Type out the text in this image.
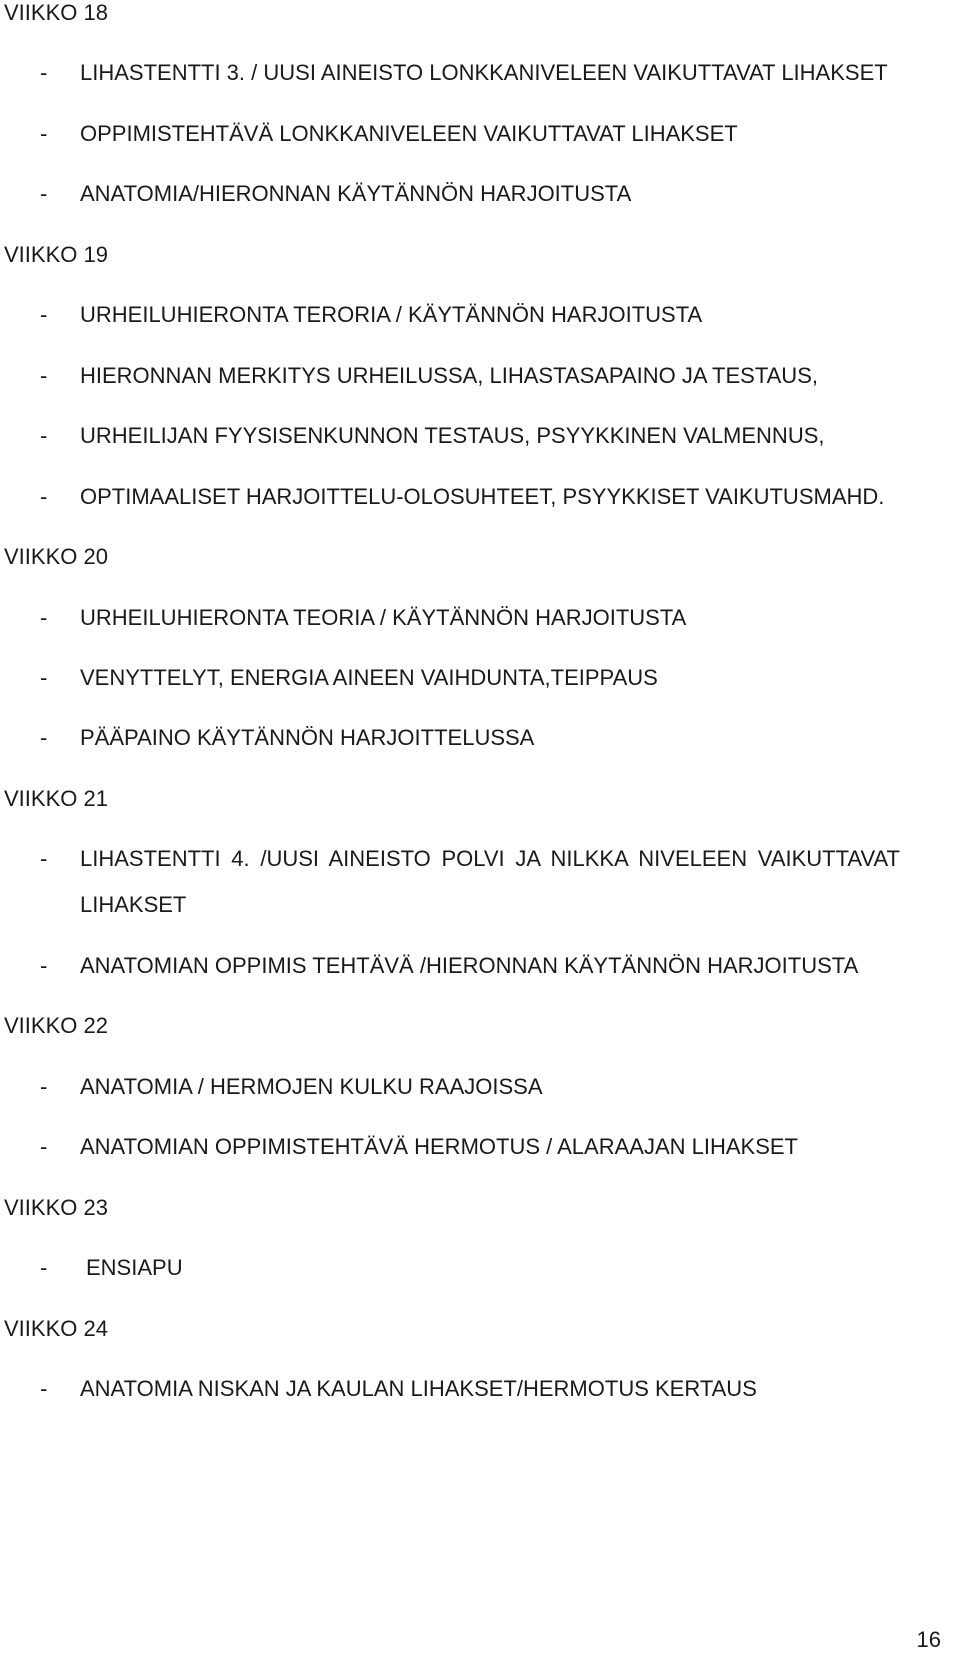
VIIKKO 18
- LIHASTENTTI 3. / UUSI AINEISTO LONKKANIVELEEN VAIKUTTAVAT LIHAKSET
- OPPIMISTEHTÄVÄ LONKKANIVELEEN VAIKUTTAVAT LIHAKSET
- ANATOMIA/HIERONNAN KÄYTÄNNÖN HARJOITUSTA
VIIKKO 19
- URHEILUHIERONTA TERORIA / KÄYTÄNNÖN HARJOITUSTA
- HIERONNAN MERKITYS URHEILUSSA, LIHASTASAPAINO JA TESTAUS,
- URHEILIJAN FYYSISENKUNNON TESTAUS, PSYYKKINEN VALMENNUS,
- OPTIMAALISET HARJOITTELU-OLOSUHTEET, PSYYKKISET VAIKUTUSMAHD.
VIIKKO 20
- URHEILUHIERONTA TEORIA / KÄYTÄNNÖN HARJOITUSTA
- VENYTTELYT, ENERGIA AINEEN VAIHDUNTA,TEIPPAUS
- PÄÄPAINO KÄYTÄNNÖN HARJOITTELUSSA
VIIKKO 21
- LIHASTENTTI 4. /UUSI AINEISTO POLVI JA NILKKA NIVELEEN VAIKUTTAVAT
LIHAKSET
- ANATOMIAN OPPIMIS TEHTÄVÄ /HIERONNAN KÄYTÄNNÖN HARJOITUSTA
VIIKKO 22
- ANATOMIA / HERMOJEN KULKU RAAJOISSA
- ANATOMIAN OPPIMISTEHTÄVÄ HERMOTUS / ALARAAJAN LIHAKSET
VIIKKO 23
- ENSIAPU
VIIKKO 24
- ANATOMIA NISKAN JA KAULAN LIHAKSET/HERMOTUS KERTAUS
16
